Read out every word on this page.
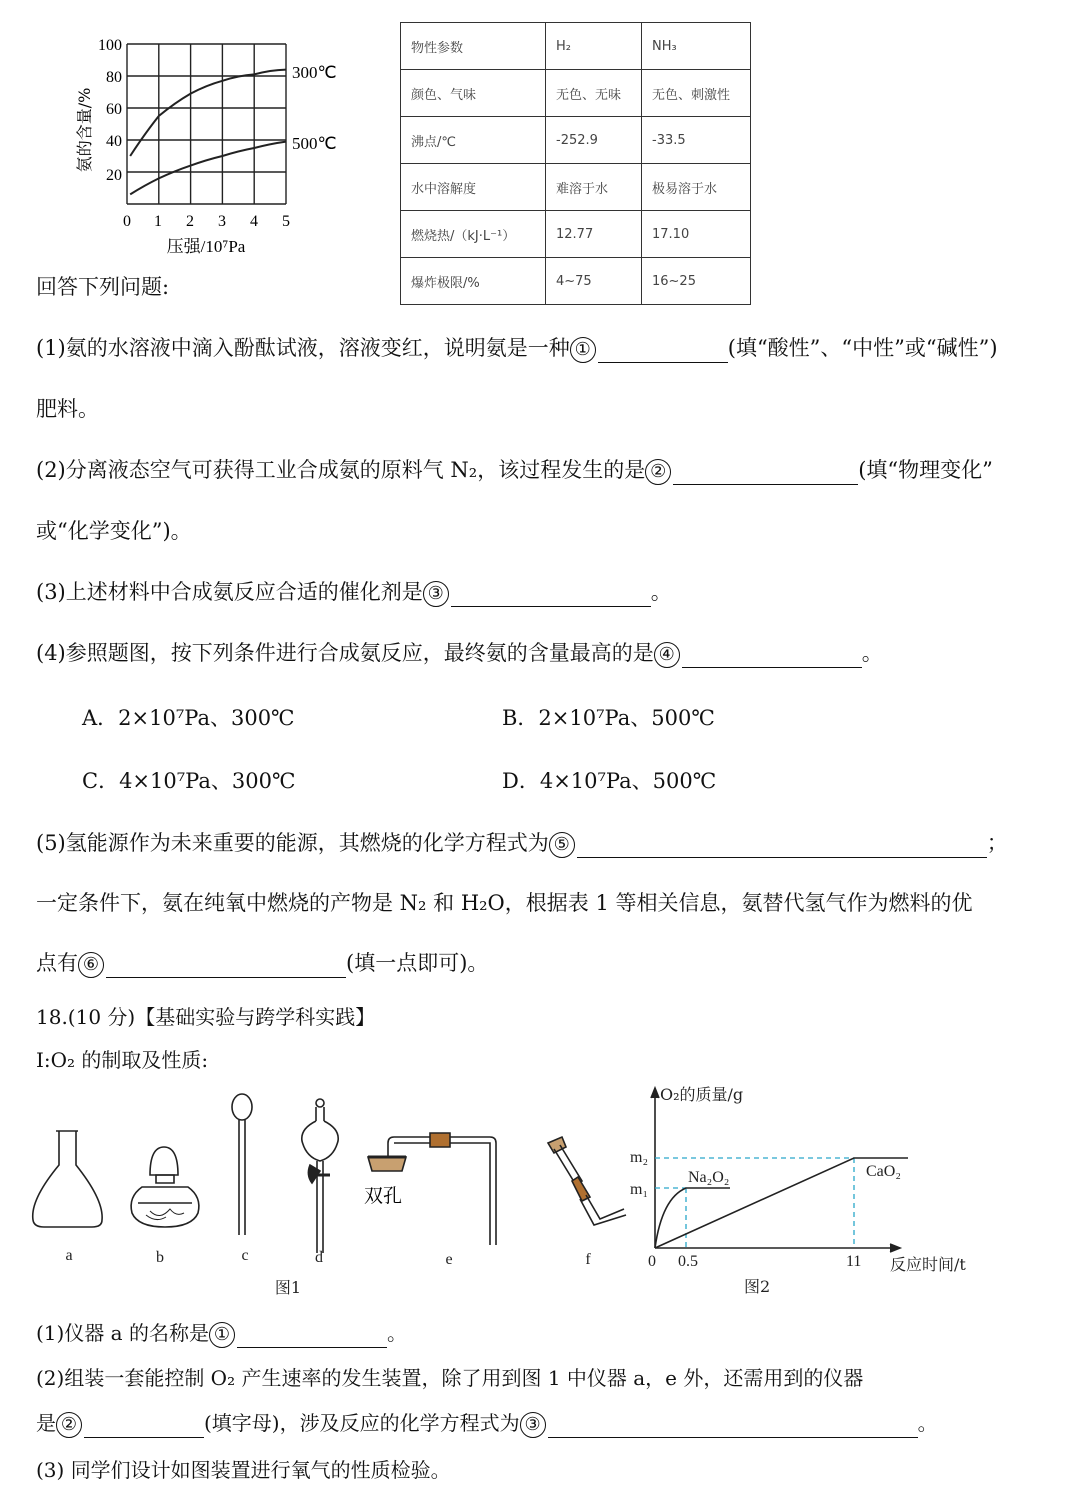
100
80
60
40
20
0 1 2 3 4 5
压强/10⁷Pa
氨的含量/%
300℃
500℃
物性参数	H₂	NH₃
颜色、气味	无色、无味	无色、刺激性
沸点/℃	-252.9	-33.5
水中溶解度	难溶于水	极易溶于水
燃烧热/（kJ·L⁻¹）	12.77	17.10
爆炸极限/%	4~75	16~25
回答下列问题:
(1)氨的水溶液中滴入酚酞试液，溶液变红，说明氨是一种 ①	(填“酸性”、“中性”或“碱性”)
肥料。
(2)分离液态空气可获得工业合成氨的原料气 N₂，该过程发生的是 ②	(填“物理变化”
或“化学变化”)。
(3)上述材料中合成氨反应合适的催化剂是 ③	。
(4)参照题图，按下列条件进行合成氨反应，最终氨的含量最高的是 ④	。
A．2×10⁷Pa、300℃	B．2×10⁷Pa、500℃
C．4×10⁷Pa、300℃	D．4×10⁷Pa、500℃
(5)氢能源作为未来重要的能源，其燃烧的化学方程式为 ⑤	；
一定条件下，氨在纯氧中燃烧的产物是 N₂ 和 H₂O，根据表 1 等相关信息，氨替代氢气作为燃料的优
点有 ⑥	(填一点即可)。
18.(10 分)【基础实验与跨学科实践】
I:O₂ 的制取及性质:
双孔
a	b	c	d	e	f
图1
O₂的质量/g
m₂
m₁
Na₂O₂	CaO₂
0 0.5	11 反应时间/t
图2
(1)仪器 a 的名称是 ①	。
(2)组装一套能控制 O₂ 产生速率的发生装置，除了用到图 1 中仪器 a，e 外，还需用到的仪器
是 ②	(填字母)，涉及反应的化学方程式为 ③	。
(3) 同学们设计如图装置进行氧气的性质检验。
